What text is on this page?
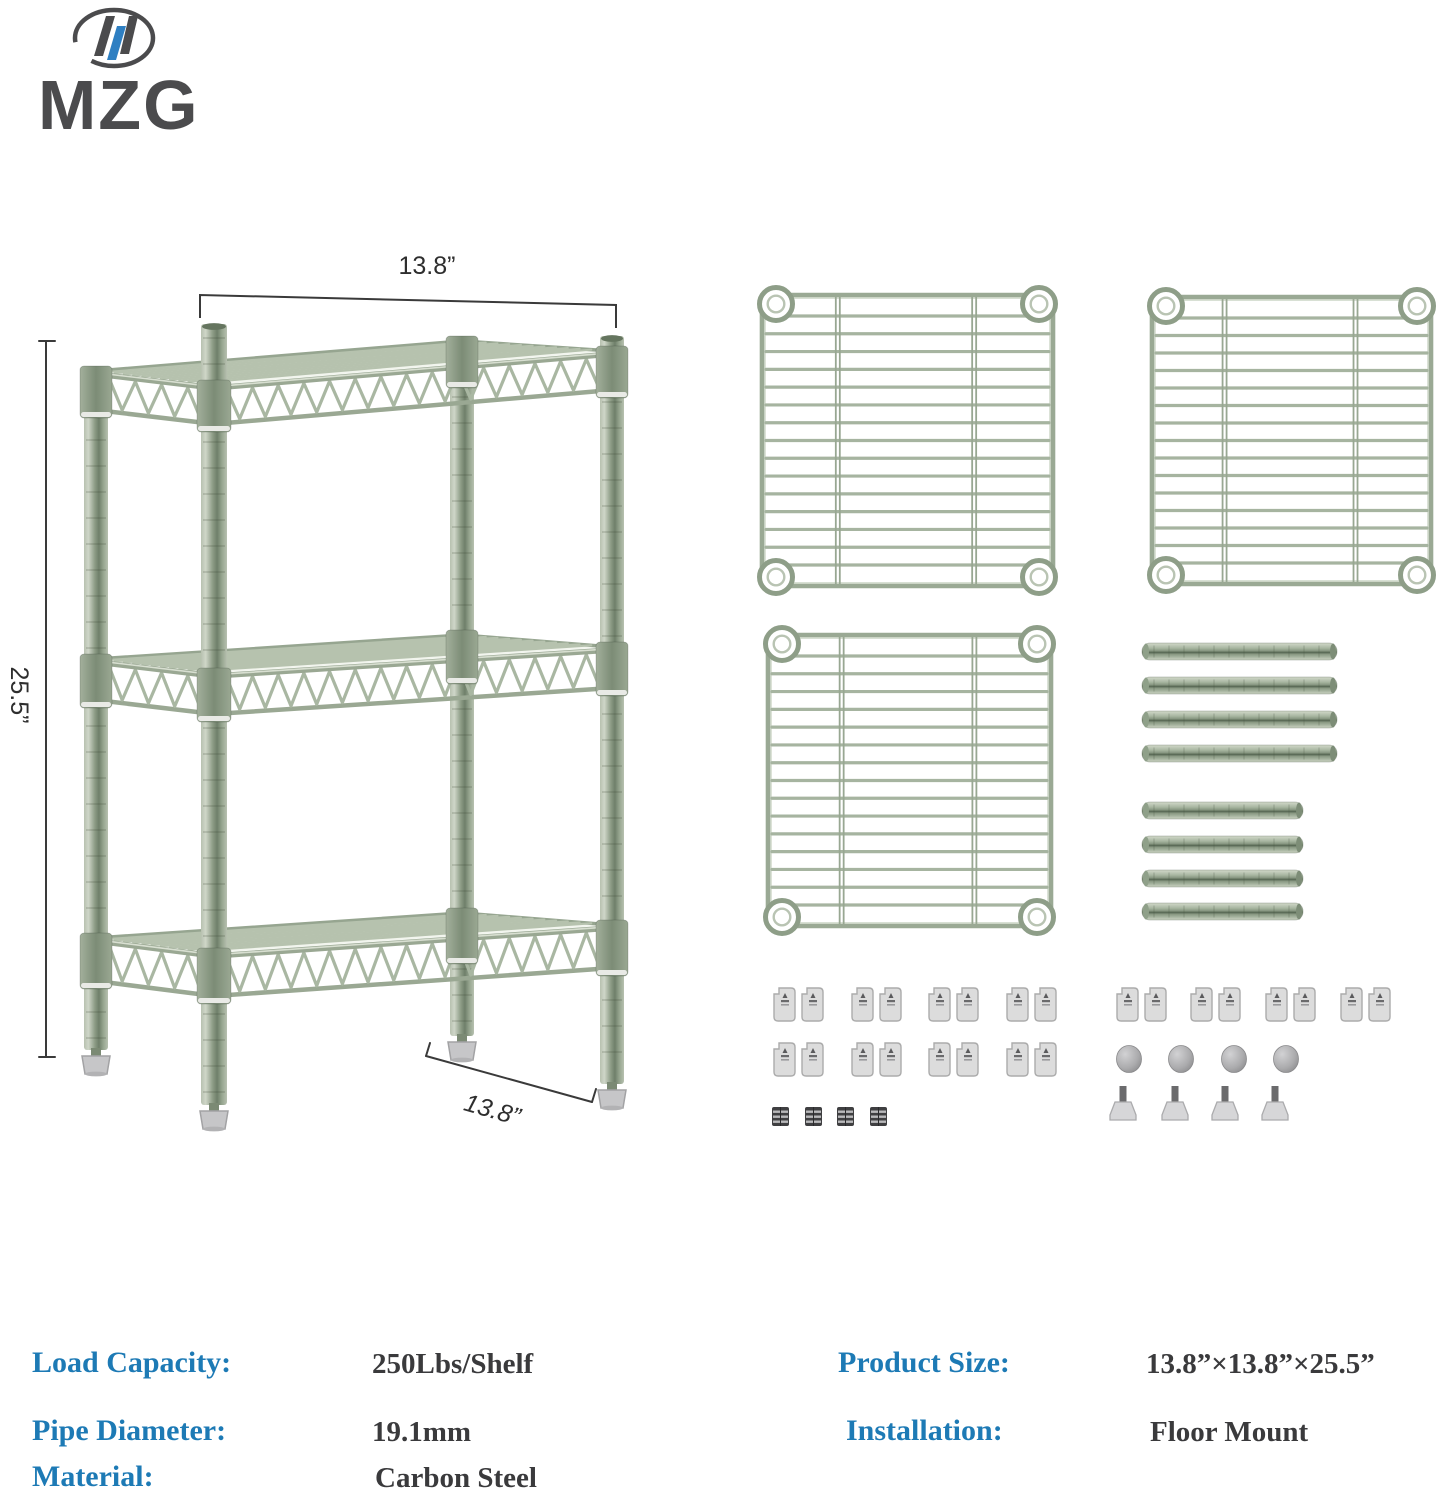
MZG
13.8”
25.5”
13.8”
Load Capacity:	250Lbs/Shelf
Pipe Diameter:	19.1mm
Material:	Carbon Steel
Product Size:	13.8”×13.8”×25.5”
Installation:	Floor Mount
